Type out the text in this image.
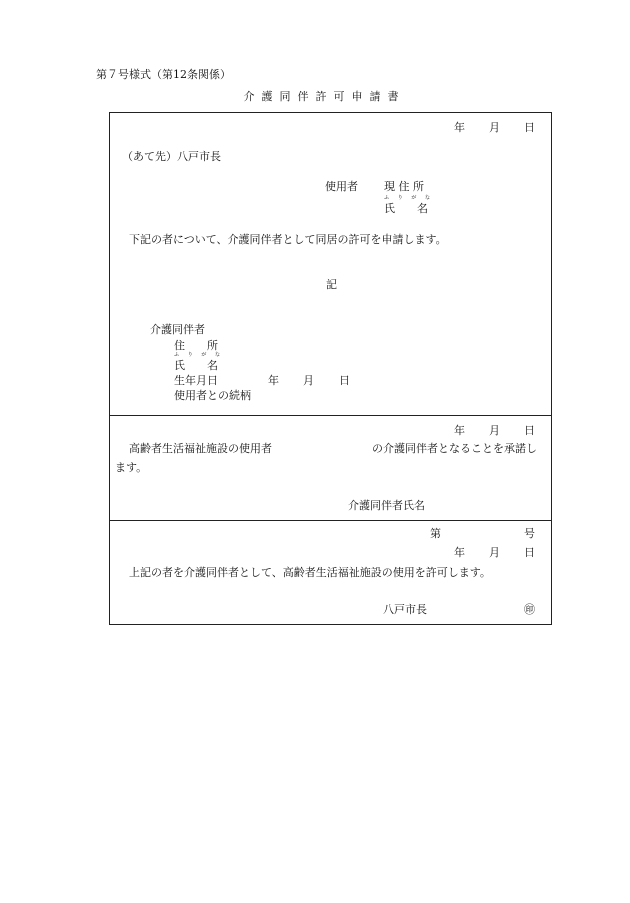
第７号様式（第12条関係）
介 護 同 伴 許 可 申 請 書
年 月 日
（あて先）八戸市長
使用者 現 住 所
ふ り が な
氏　　名
下記の者について、介護同伴者として同居の許可を申請します。
記
介護同伴者
住　　所
ふ り が な
氏　　名
生年月日	年 月 日
使用者との続柄
年 月 日
高齢者生活福祉施設の使用者	の介護同伴者となることを承諾し
ます。
介護同伴者氏名
第	号
年 月 日
上記の者を介護同伴者として、高齢者生活福祉施設の使用を許可します。
八戸市長	㊞
